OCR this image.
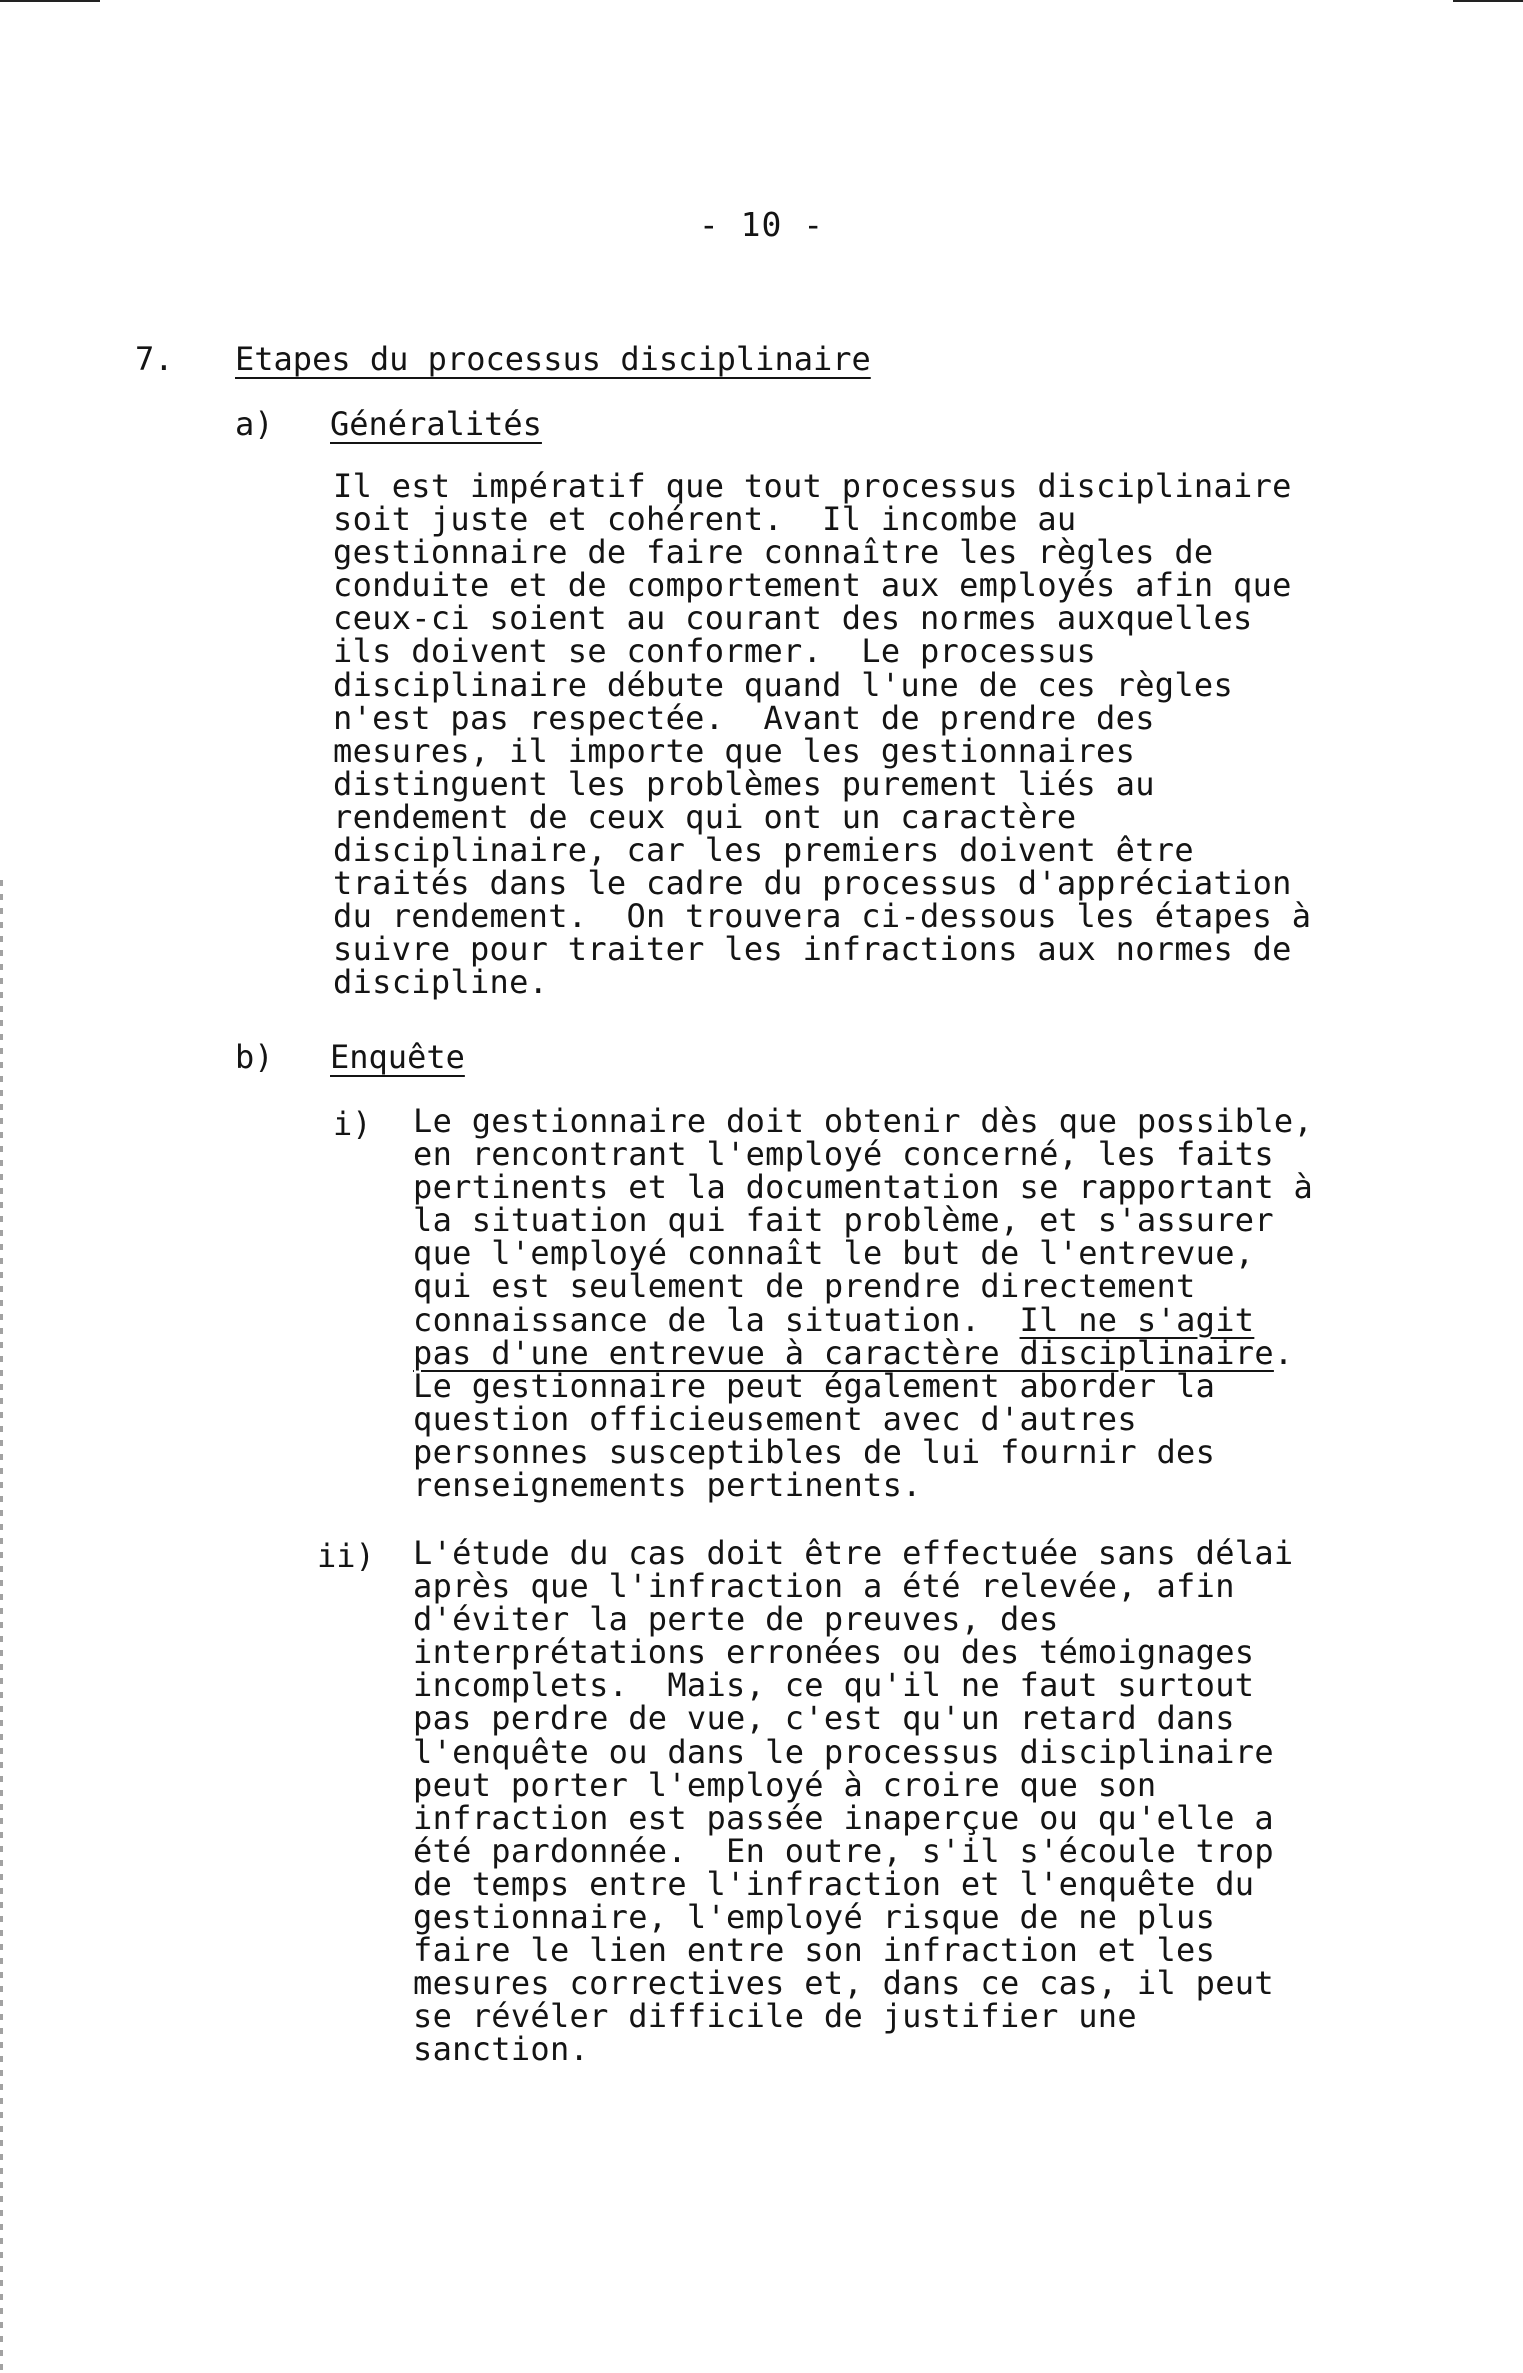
- 10 -
7. Etapes du processus disciplinaire
a) Généralités
Il est impératif que tout processus disciplinaire
soit juste et cohérent.  Il incombe au
gestionnaire de faire connaître les règles de
conduite et de comportement aux employés afin que
ceux-ci soient au courant des normes auxquelles
ils doivent se conformer.  Le processus
disciplinaire débute quand l'une de ces règles
n'est pas respectée.  Avant de prendre des
mesures, il importe que les gestionnaires
distinguent les problèmes purement liés au
rendement de ceux qui ont un caractère
disciplinaire, car les premiers doivent être
traités dans le cadre du processus d'appréciation
du rendement.  On trouvera ci-dessous les étapes à
suivre pour traiter les infractions aux normes de
discipline.
b) Enquête
i) Le gestionnaire doit obtenir dès que possible,
en rencontrant l'employé concerné, les faits
pertinents et la documentation se rapportant à
la situation qui fait problème, et s'assurer
que l'employé connaît le but de l'entrevue,
qui est seulement de prendre directement
connaissance de la situation.  Il ne s'agit
pas d'une entrevue à caractère disciplinaire.
Le gestionnaire peut également aborder la
question officieusement avec d'autres
personnes susceptibles de lui fournir des
renseignements pertinents.
ii) L'étude du cas doit être effectuée sans délai
après que l'infraction a été relevée, afin
d'éviter la perte de preuves, des
interprétations erronées ou des témoignages
incomplets.  Mais, ce qu'il ne faut surtout
pas perdre de vue, c'est qu'un retard dans
l'enquête ou dans le processus disciplinaire
peut porter l'employé à croire que son
infraction est passée inaperçue ou qu'elle a
été pardonnée.  En outre, s'il s'écoule trop
de temps entre l'infraction et l'enquête du
gestionnaire, l'employé risque de ne plus
faire le lien entre son infraction et les
mesures correctives et, dans ce cas, il peut
se révéler difficile de justifier une
sanction.
